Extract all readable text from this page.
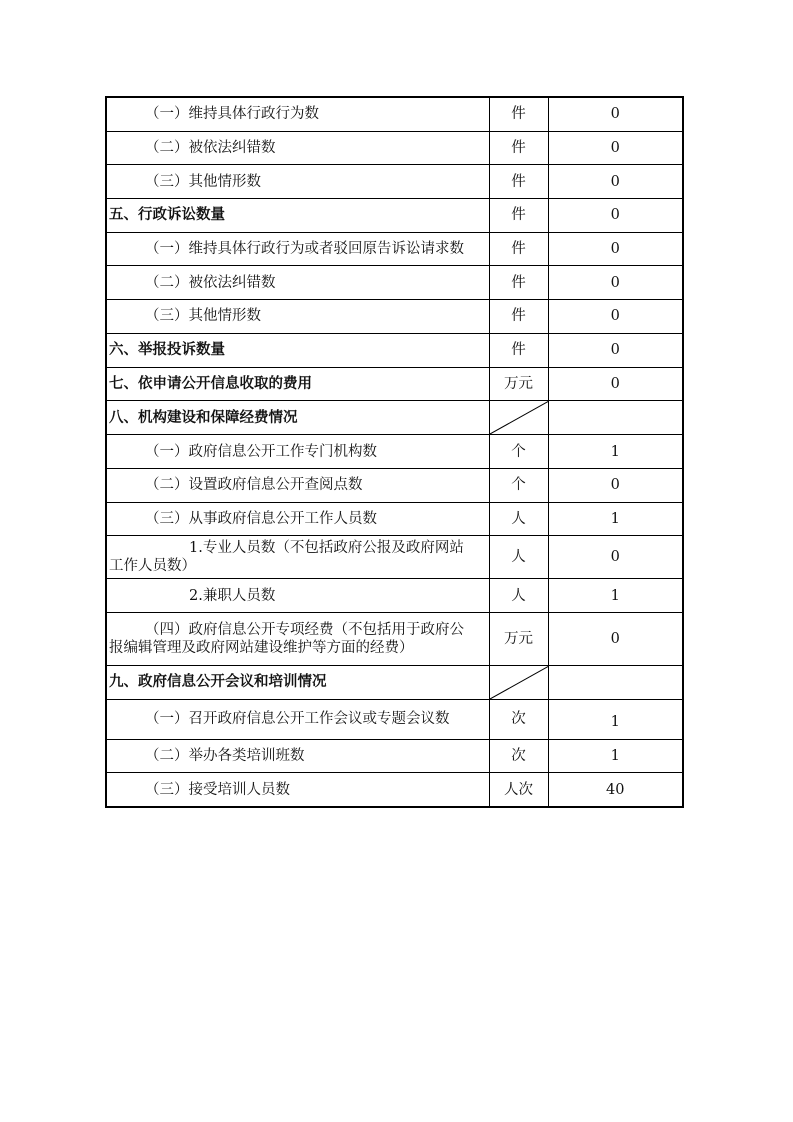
（一）维持具体行政行为数	件	0
（二）被依法纠错数	件	0
（三）其他情形数	件	0
五、行政诉讼数量	件	0
（一）维持具体行政行为或者驳回原告诉讼请求数	件	0
（二）被依法纠错数	件	0
（三）其他情形数	件	0
六、举报投诉数量	件	0
七、依申请公开信息收取的费用	万元	0
八、机构建设和保障经费情况	

（一）政府信息公开工作专门机构数	个	1
（二）设置政府信息公开查阅点数	个	0
（三）从事政府信息公开工作人员数	人	1

1.专业人员数（不包括政府公报及政府网站
工作人员数）	人	0
2.兼职人员数	人	1

（四）政府信息公开专项经费（不包括用于政府公
报编辑管理及政府网站建设维护等方面的经费）	万元	0
九、政府信息公开会议和培训情况	

（一）召开政府信息公开工作会议或专题会议数	次	1
（二）举办各类培训班数	次	1
（三）接受培训人员数	人次	40
